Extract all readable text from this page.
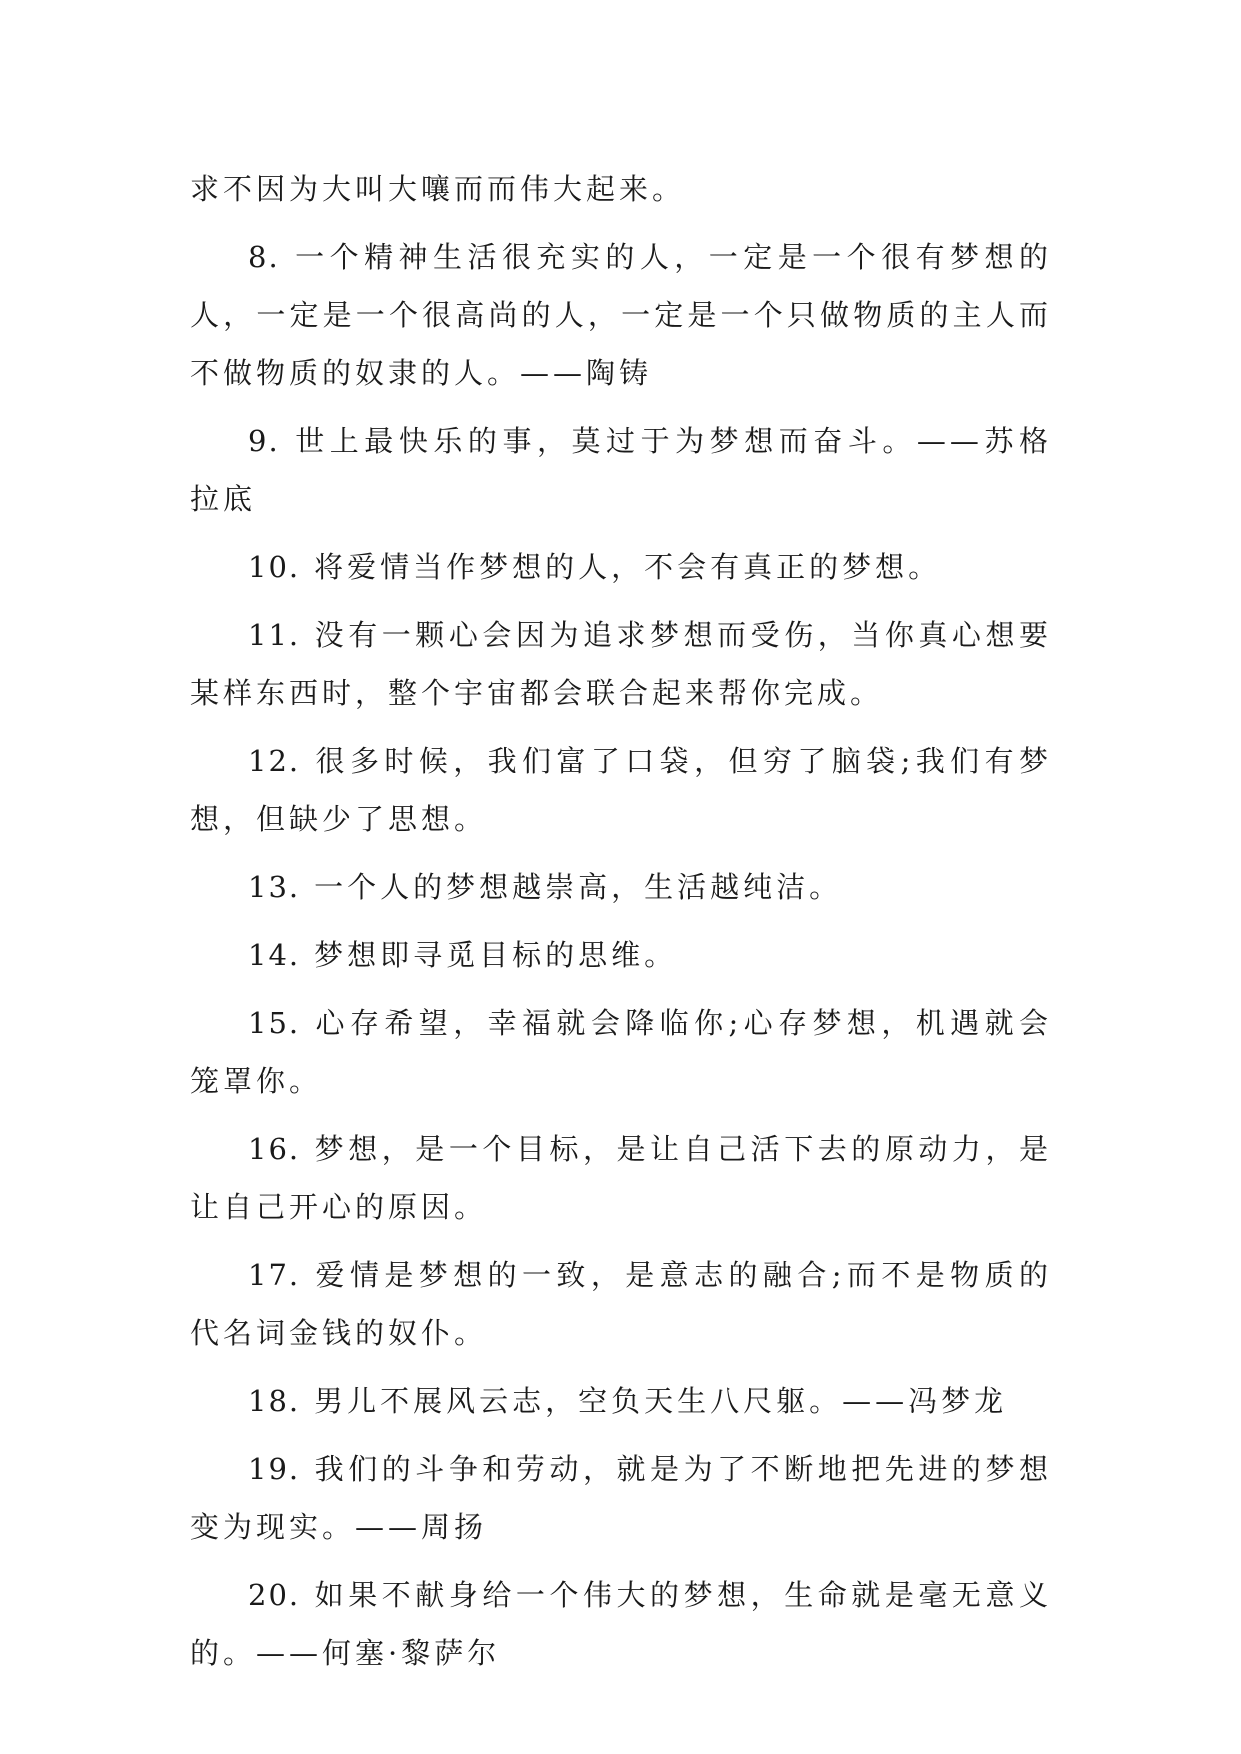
求不因为大叫大嚷而而伟大起来。

8. 一个精神生活很充实的人，一定是一个很有梦想的人，一定是一个很高尚的人，一定是一个只做物质的主人而不做物质的奴隶的人。——陶铸

9. 世上最快乐的事，莫过于为梦想而奋斗。——苏格拉底

10. 将爱情当作梦想的人，不会有真正的梦想。

11. 没有一颗心会因为追求梦想而受伤，当你真心想要某样东西时，整个宇宙都会联合起来帮你完成。

12. 很多时候，我们富了口袋，但穷了脑袋;我们有梦想，但缺少了思想。

13. 一个人的梦想越崇高，生活越纯洁。

14. 梦想即寻觅目标的思维。

15. 心存希望，幸福就会降临你;心存梦想，机遇就会笼罩你。

16. 梦想，是一个目标，是让自己活下去的原动力，是让自己开心的原因。

17. 爱情是梦想的一致，是意志的融合;而不是物质的代名词金钱的奴仆。

18. 男儿不展风云志，空负天生八尺躯。——冯梦龙

19. 我们的斗争和劳动，就是为了不断地把先进的梦想变为现实。——周扬

20. 如果不献身给一个伟大的梦想，生命就是毫无意义的。——何塞·黎萨尔
